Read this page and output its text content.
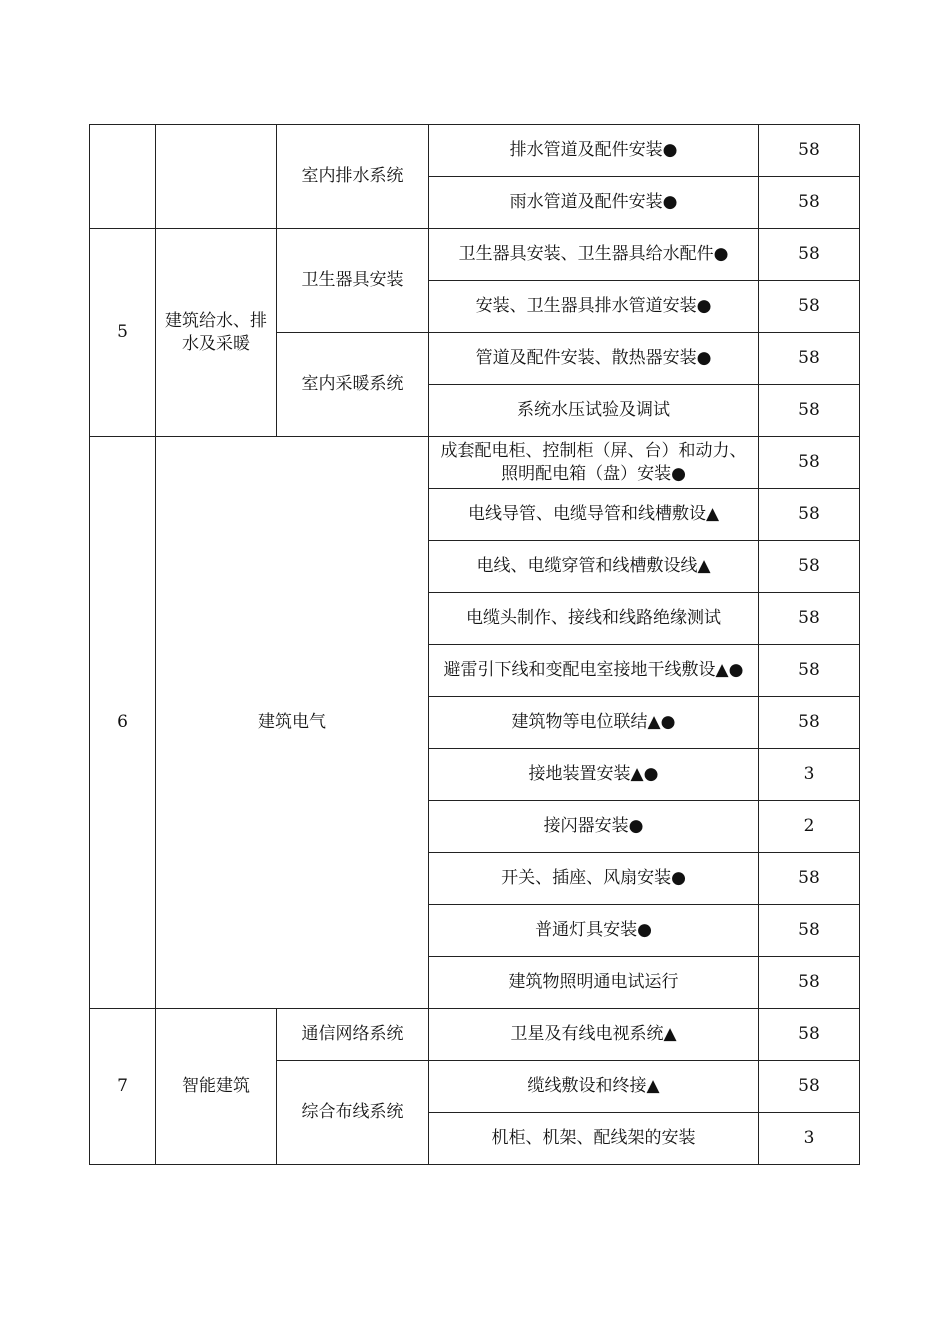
		室内排水系统	排水管道及配件安装●	58
			雨水管道及配件安装●	58
5	建筑给水、排水及采暖	卫生器具安装	卫生器具安装、卫生器具给水配件●	58
			安装、卫生器具排水管道安装●	58
		室内采暖系统	管道及配件安装、散热器安装●	58
			系统水压试验及调试	58
6	建筑电气		成套配电柜、控制柜（屏、台）和动力、照明配电箱（盘）安装●	58
			电线导管、电缆导管和线槽敷设▲	58
			电线、电缆穿管和线槽敷设线▲	58
			电缆头制作、接线和线路绝缘测试	58
			避雷引下线和变配电室接地干线敷设▲●	58
			建筑物等电位联结▲●	58
			接地装置安装▲●	3
			接闪器安装●	2
			开关、插座、风扇安装●	58
			普通灯具安装●	58
			建筑物照明通电试运行	58
7	智能建筑	通信网络系统	卫星及有线电视系统▲	58
		综合布线系统	缆线敷设和终接▲	58
			机柜、机架、配线架的安装	3
